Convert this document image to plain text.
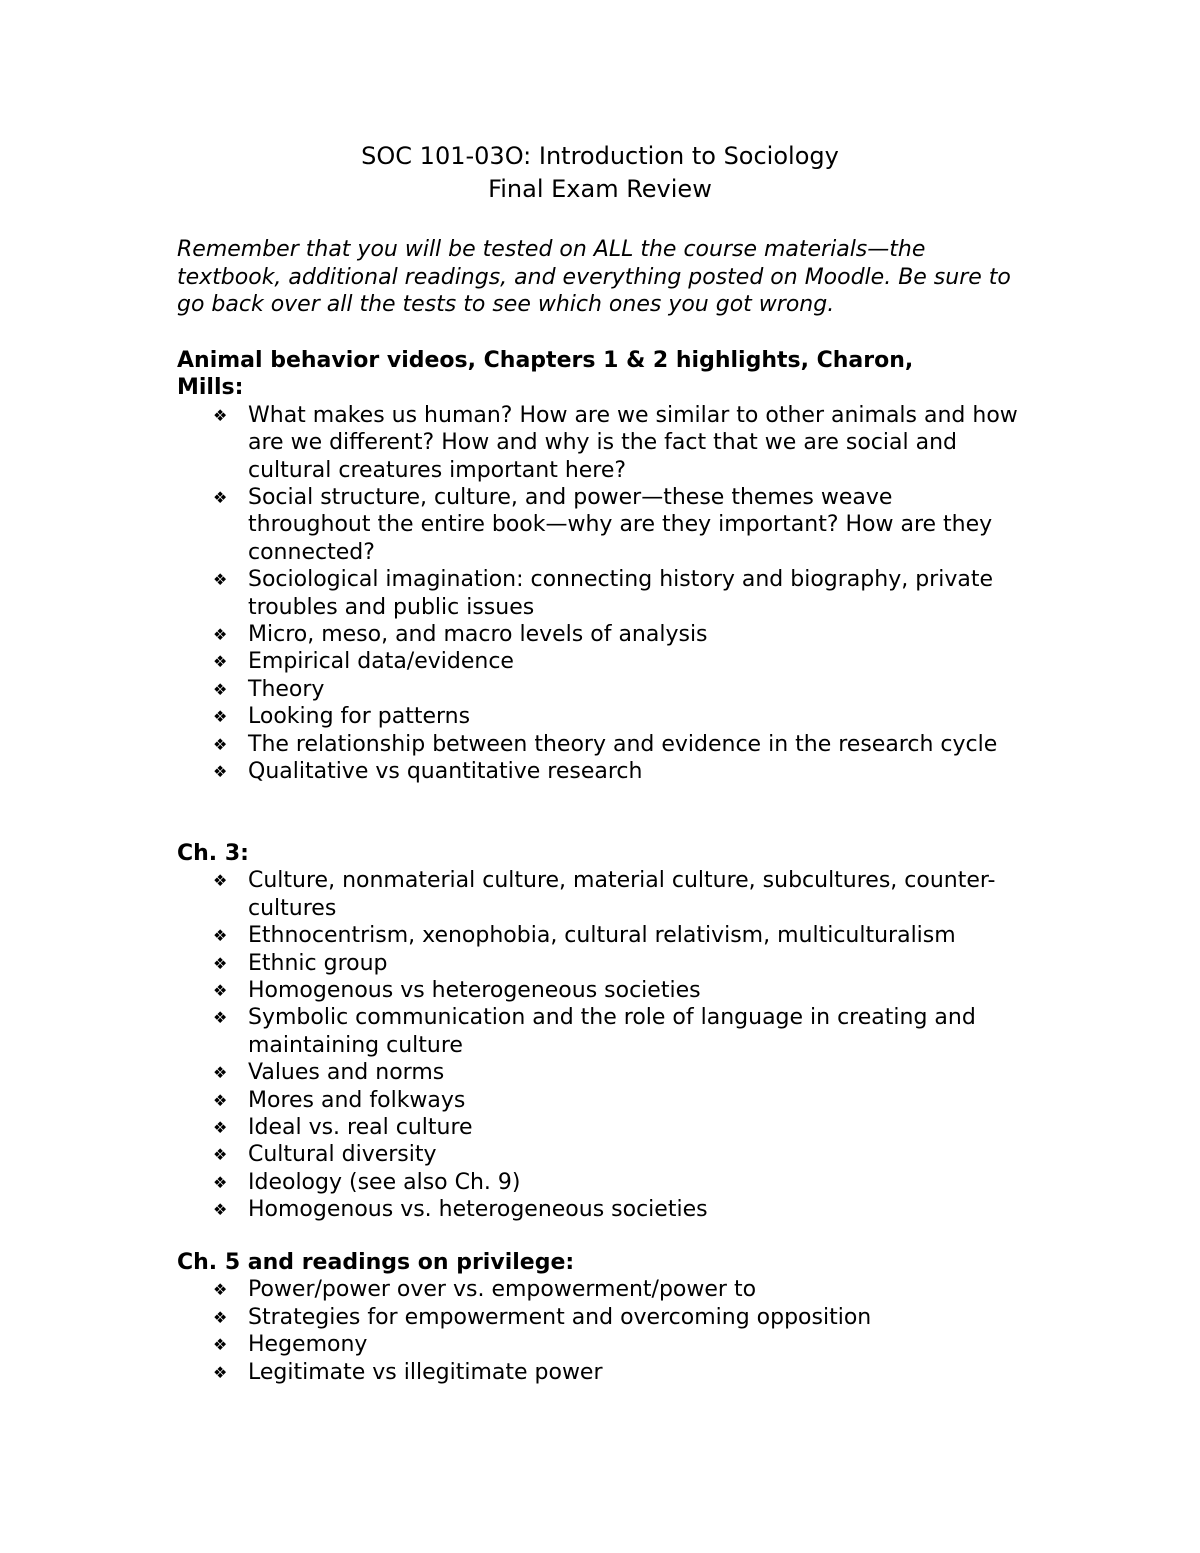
SOC 101-03O: Introduction to Sociology
Final Exam Review

Remember that you will be tested on ALL the course materials—the textbook, additional readings, and everything posted on Moodle. Be sure to go back over all the tests to see which ones you got wrong.

Animal behavior videos, Chapters 1 & 2 highlights, Charon, Mills:

❖ What makes us human? How are we similar to other animals and how are we different? How and why is the fact that we are social and cultural creatures important here?
❖ Social structure, culture, and power—these themes weave throughout the entire book—why are they important? How are they connected?
❖ Sociological imagination: connecting history and biography, private troubles and public issues
❖ Micro, meso, and macro levels of analysis
❖ Empirical data/evidence
❖ Theory
❖ Looking for patterns
❖ The relationship between theory and evidence in the research cycle
❖ Qualitative vs quantitative research

Ch. 3:

❖ Culture, nonmaterial culture, material culture, subcultures, counter-cultures
❖ Ethnocentrism, xenophobia, cultural relativism, multiculturalism
❖ Ethnic group
❖ Homogenous vs heterogeneous societies
❖ Symbolic communication and the role of language in creating and maintaining culture
❖ Values and norms
❖ Mores and folkways
❖ Ideal vs. real culture
❖ Cultural diversity
❖ Ideology (see also Ch. 9)
❖ Homogenous vs. heterogeneous societies

Ch. 5 and readings on privilege:

❖ Power/power over vs. empowerment/power to
❖ Strategies for empowerment and overcoming opposition
❖ Hegemony
❖ Legitimate vs illegitimate power
